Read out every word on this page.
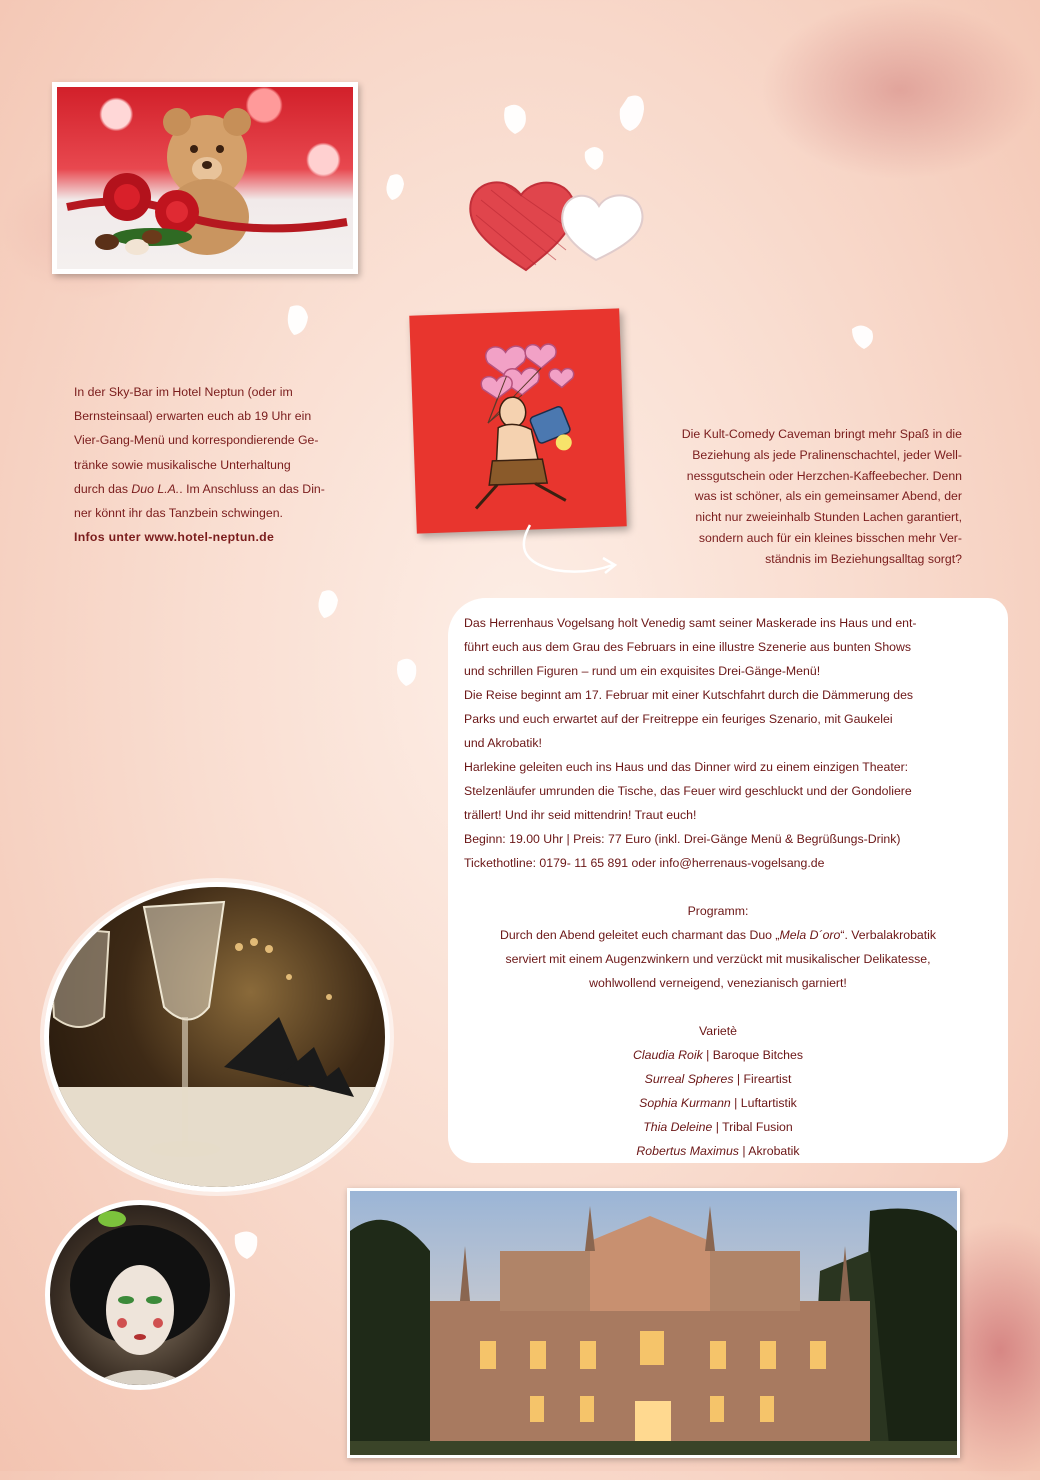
In der Sky-Bar im Hotel Neptun (oder im
Bernsteinsaal) erwarten euch ab 19 Uhr ein
Vier-Gang-Menü und korrespondierende Ge-
tränke sowie musikalische Unterhaltung
durch das Duo L.A.. Im Anschluss an das Din-
ner könnt ihr das Tanzbein schwingen.
Infos unter www.hotel-neptun.de
Die Kult-Comedy Caveman bringt mehr Spaß in die
Beziehung als jede Pralinenschachtel, jeder Well-
nessgutschein oder Herzchen-Kaffeebecher. Denn
was ist schöner, als ein gemeinsamer Abend, der
nicht nur zweieinhalb Stunden Lachen garantiert,
sondern auch für ein kleines bisschen mehr Ver-
ständnis im Beziehungsalltag sorgt?

Das Herrenhaus Vogelsang holt Venedig samt seiner Maskerade ins Haus und ent-

führt euch aus dem Grau des Februars in eine illustre Szenerie aus bunten Shows

und schrillen Figuren – rund um ein exquisites Drei-Gänge-Menü!

Die Reise beginnt am 17. Februar mit einer Kutschfahrt durch die Dämmerung des

Parks und euch erwartet auf der Freitreppe ein feuriges Szenario, mit Gaukelei

und Akrobatik!

Harlekine geleiten euch ins Haus und das Dinner wird zu einem einzigen Theater:

Stelzenläufer umrunden die Tische, das Feuer wird geschluckt und der Gondoliere

trällert! Und ihr seid mittendrin! Traut euch!

Beginn: 19.00 Uhr | Preis: 77 Euro (inkl. Drei-Gänge Menü & Begrüßungs-Drink)

Tickethotline: 0179- 11 65 891 oder info@herrenaus-vogelsang.de

Programm:

Durch den Abend geleitet euch charmant das Duo „Mela D´oro“. Verbalakrobatik

serviert mit einem Augenzwinkern und verzückt mit musikalischer Delikatesse,

wohlwollend verneigend, venezianisch garniert!

Varietè

Claudia Roik | Baroque Bitches

Surreal Spheres | Fireartist

Sophia Kurmann | Luftartistik

Thia Deleine | Tribal Fusion

Robertus Maximus | Akrobatik
